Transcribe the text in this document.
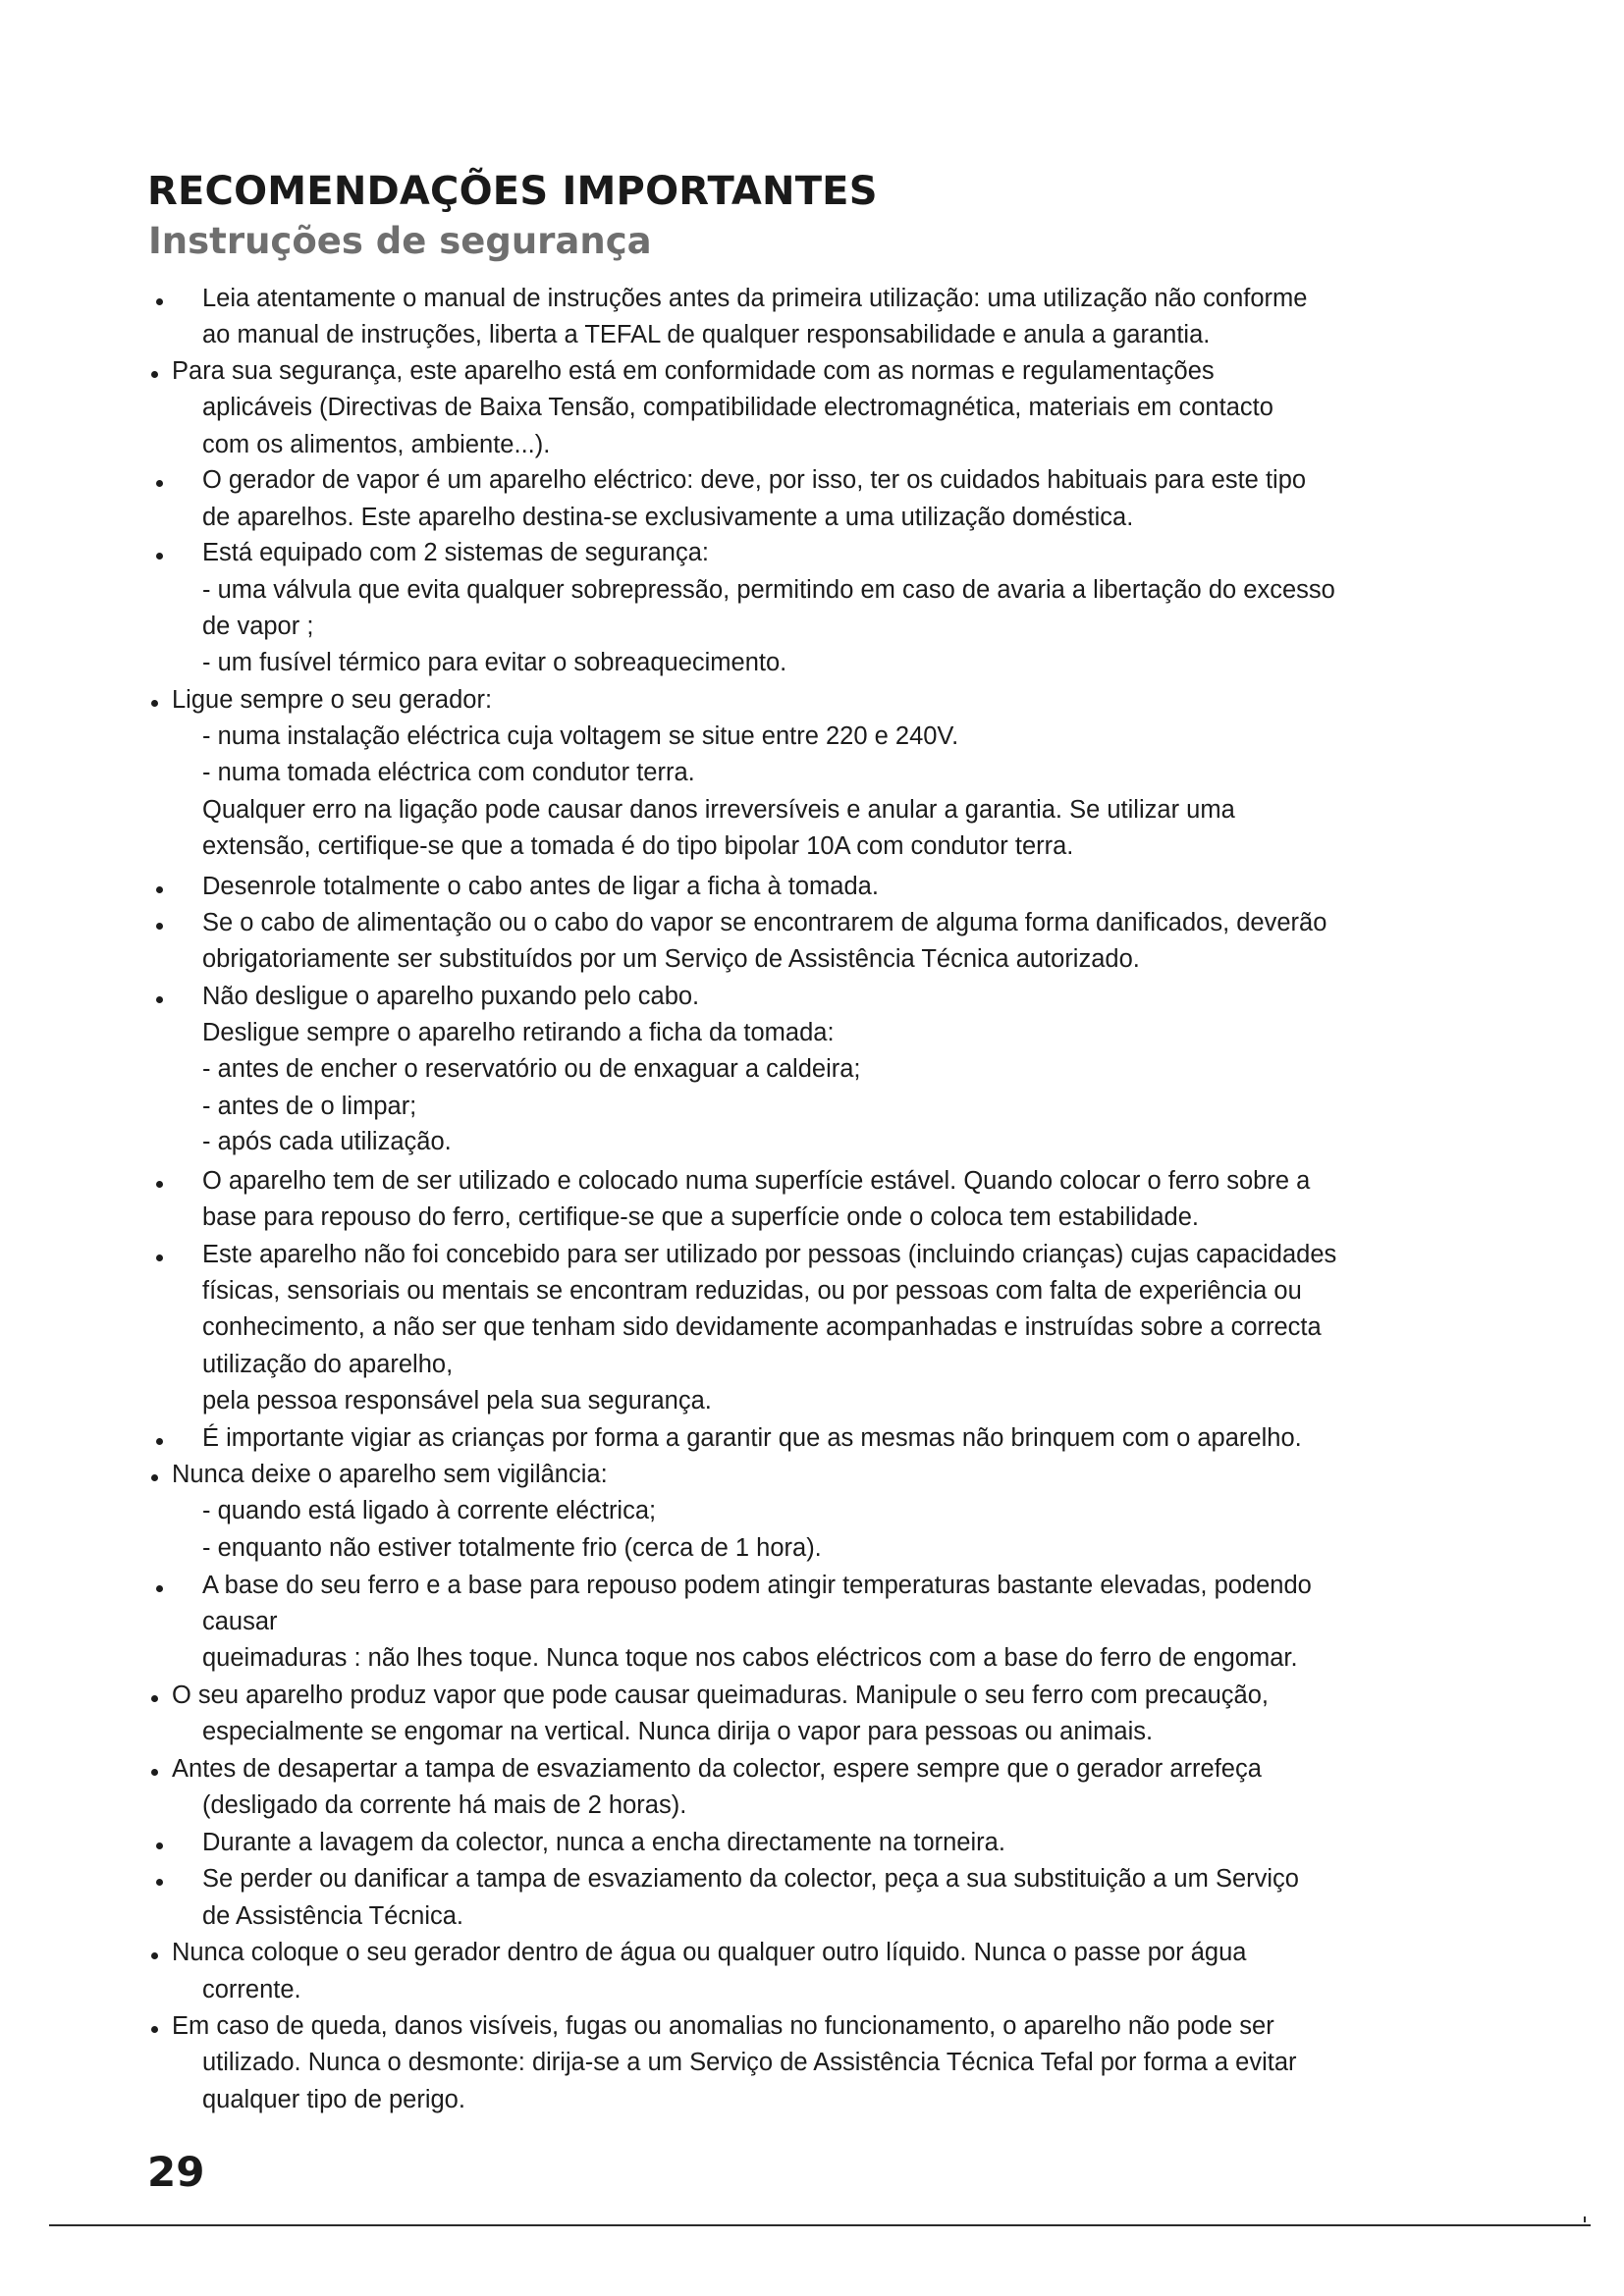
RECOMENDAÇÕES IMPORTANTES
Instruções de segurança
Leia atentamente o manual de instruções antes da primeira utilização: uma utilização não conforme
ao manual de instruções, liberta a TEFAL de qualquer responsabilidade e anula a garantia.
Para sua segurança, este aparelho está em conformidade com as normas e regulamentações
aplicáveis (Directivas de Baixa Tensão, compatibilidade electromagnética, materiais em contacto
com os alimentos, ambiente...).
O gerador de vapor é um aparelho eléctrico: deve, por isso, ter os cuidados habituais para este tipo
de aparelhos. Este aparelho destina-se exclusivamente a uma utilização doméstica.
Está equipado com 2 sistemas de segurança:
- uma válvula que evita qualquer sobrepressão, permitindo em caso de avaria a libertação do excesso
de vapor ;
- um fusível térmico para evitar o sobreaquecimento.
Ligue sempre o seu gerador:
- numa instalação eléctrica cuja voltagem se situe entre 220 e 240V.
- numa tomada eléctrica com condutor terra.
Qualquer erro na ligação pode causar danos irreversíveis e anular a garantia. Se utilizar uma
extensão, certifique-se que a tomada é do tipo bipolar 10A com condutor terra.
Desenrole totalmente o cabo antes de ligar a ficha à tomada.
Se o cabo de alimentação ou o cabo do vapor se encontrarem de alguma forma danificados, deverão
obrigatoriamente ser substituídos por um Serviço de Assistência Técnica autorizado.
Não desligue o aparelho puxando pelo cabo.
Desligue sempre o aparelho retirando a ficha da tomada:
- antes de encher o reservatório ou de enxaguar a caldeira;
- antes de o limpar;
- após cada utilização.
O aparelho tem de ser utilizado e colocado numa superfície estável. Quando colocar o ferro sobre a
base para repouso do ferro, certifique-se que a superfície onde o coloca tem estabilidade.
Este aparelho não foi concebido para ser utilizado por pessoas (incluindo crianças) cujas capacidades
físicas, sensoriais ou mentais se encontram reduzidas, ou por pessoas com falta de experiência ou
conhecimento, a não ser que tenham sido devidamente acompanhadas e instruídas sobre a correcta
utilização do aparelho,
pela pessoa responsável pela sua segurança.
É importante vigiar as crianças por forma a garantir que as mesmas não brinquem com o aparelho.
Nunca deixe o aparelho sem vigilância:
- quando está ligado à corrente eléctrica;
- enquanto não estiver totalmente frio (cerca de 1 hora).
A base do seu ferro e a base para repouso podem atingir temperaturas bastante elevadas, podendo
causar
queimaduras : não lhes toque. Nunca toque nos cabos eléctricos com a base do ferro de engomar.
O seu aparelho produz vapor que pode causar queimaduras. Manipule o seu ferro com precaução,
especialmente se engomar na vertical. Nunca dirija o vapor para pessoas ou animais.
Antes de desapertar a tampa de esvaziamento da colector, espere sempre que o gerador arrefeça
(desligado da corrente há mais de 2 horas).
Durante a lavagem da colector, nunca a encha directamente na torneira.
Se perder ou danificar a tampa de esvaziamento da colector, peça a sua substituição a um Serviço
de Assistência Técnica.
Nunca coloque o seu gerador dentro de água ou qualquer outro líquido. Nunca o passe por água
corrente.
Em caso de queda, danos visíveis, fugas ou anomalias no funcionamento, o aparelho não pode ser
utilizado. Nunca o desmonte: dirija-se a um Serviço de Assistência Técnica Tefal por forma a evitar
qualquer tipo de perigo.
29
